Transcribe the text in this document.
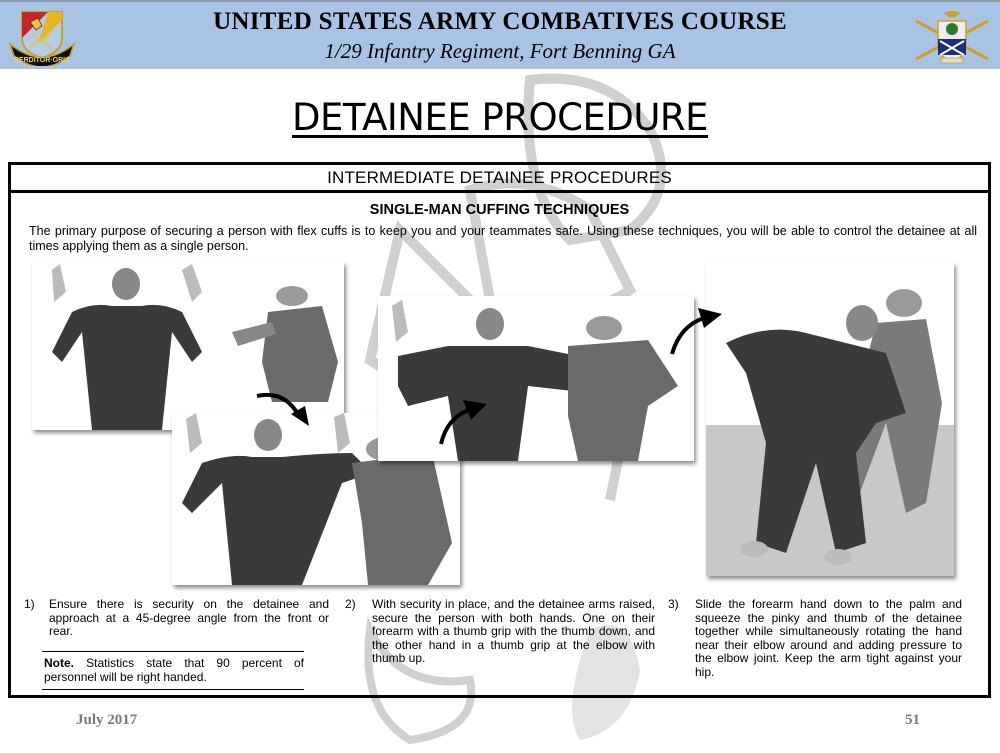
PERDITOR·ORIS
UNITED STATES ARMY COMBATIVES COURSE
1/29 Infantry Regiment, Fort Benning GA
DETAINEE PROCEDURE
INTERMEDIATE DETAINEE PROCEDURES
SINGLE-MAN CUFFING TECHNIQUES
The primary purpose of securing a person with flex cuffs is to keep you and your teammates safe. Using these techniques, you will be able to control the detainee at all times applying them as a single person.
1) Ensure there is security on the detainee and approach at a 45-degree angle from the front or rear.
2) With security in place, and the detainee arms raised, secure the person with both hands. One on their forearm with a thumb grip with the thumb down, and the other hand in a thumb grip at the elbow with thumb up.
3) Slide the forearm hand down to the palm and squeeze the pinky and thumb of the detainee together while simultaneously rotating the hand near their elbow around and adding pressure to the elbow joint. Keep the arm tight against your hip.
Note. Statistics state that 90 percent of personnel will be right handed.
July 2017	51
